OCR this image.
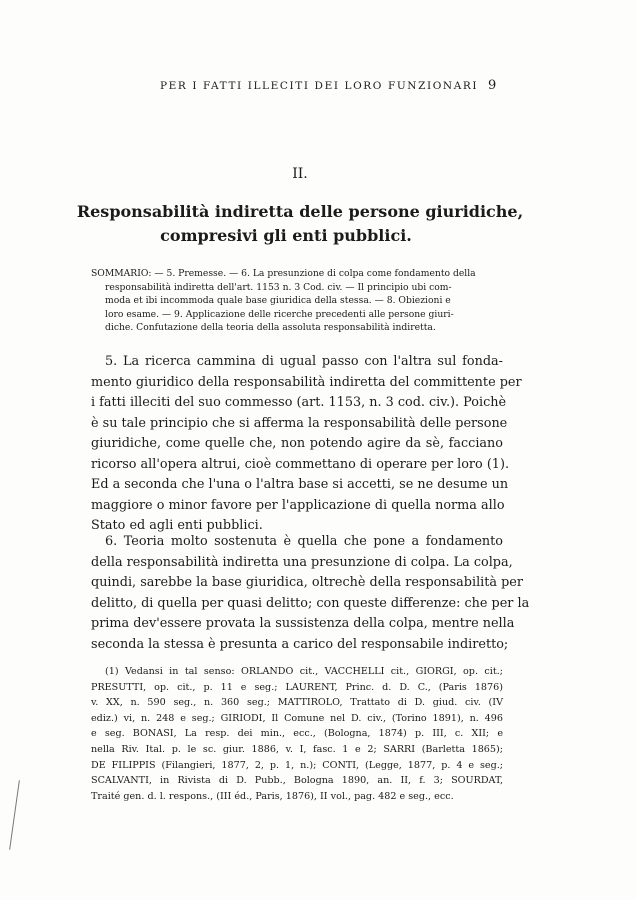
PER I FATTI ILLECITI DEI LORO FUNZIONARI 9
II.
Responsabilità indiretta delle persone giuridiche,
compresivi gli enti pubblici.
SOMMARIO: — 5. Premesse. — 6. La presunzione di colpa come fondamento della
responsabilità indiretta dell'art. 1153 n. 3 Cod. civ. — Il principio ubi com-
moda et ibi incommoda quale base giuridica della stessa. — 8. Obiezioni e
loro esame. — 9. Applicazione delle ricerche precedenti alle persone giuri-
diche. Confutazione della teoria della assoluta responsabilità indiretta.
5. La ricerca cammina di ugual passo con l'altra sul fonda-
mento giuridico della responsabilità indiretta del committente per
i fatti illeciti del suo commesso (art. 1153, n. 3 cod. civ.). Poichè
è su tale principio che si afferma la responsabilità delle persone
giuridiche, come quelle che, non potendo agire da sè, facciano
ricorso all'opera altrui, cioè commettano di operare per loro (1).
Ed a seconda che l'una o l'altra base si accetti, se ne desume un
maggiore o minor favore per l'applicazione di quella norma allo
Stato ed agli enti pubblici.
6. Teoria molto sostenuta è quella che pone a fondamento
della responsabilità indiretta una presunzione di colpa. La colpa,
quindi, sarebbe la base giuridica, oltrechè della responsabilità per
delitto, di quella per quasi delitto; con queste differenze: che per la
prima dev'essere provata la sussistenza della colpa, mentre nella
seconda la stessa è presunta a carico del responsabile indiretto;
(1) Vedansi in tal senso: ORLANDO cit., VACCHELLI cit., GIORGI, op. cit.;
PRESUTTI, op. cit., p. 11 e seg.; LAURENT, Princ. d. D. C., (Paris 1876)
v. XX, n. 590 seg., n. 360 seg.; MATTIROLO, Trattato di D. giud. civ. (IV
ediz.) vi, n. 248 e seg.; GIRIODI, Il Comune nel D. civ., (Torino 1891), n. 496
e seg. BONASI, La resp. dei min., ecc., (Bologna, 1874) p. III, c. XII; e
nella Riv. Ital. p. le sc. giur. 1886, v. I, fasc. 1 e 2; SARRI (Barletta 1865);
DE FILIPPIS (Filangieri, 1877, 2, p. 1, n.); CONTI, (Legge, 1877, p. 4 e seg.;
SCALVANTI, in Rivista di D. Pubb., Bologna 1890, an. II, f. 3; SOURDAT,
Traité gen. d. l. respons., (III éd., Paris, 1876), II vol., pag. 482 e seg., ecc.
